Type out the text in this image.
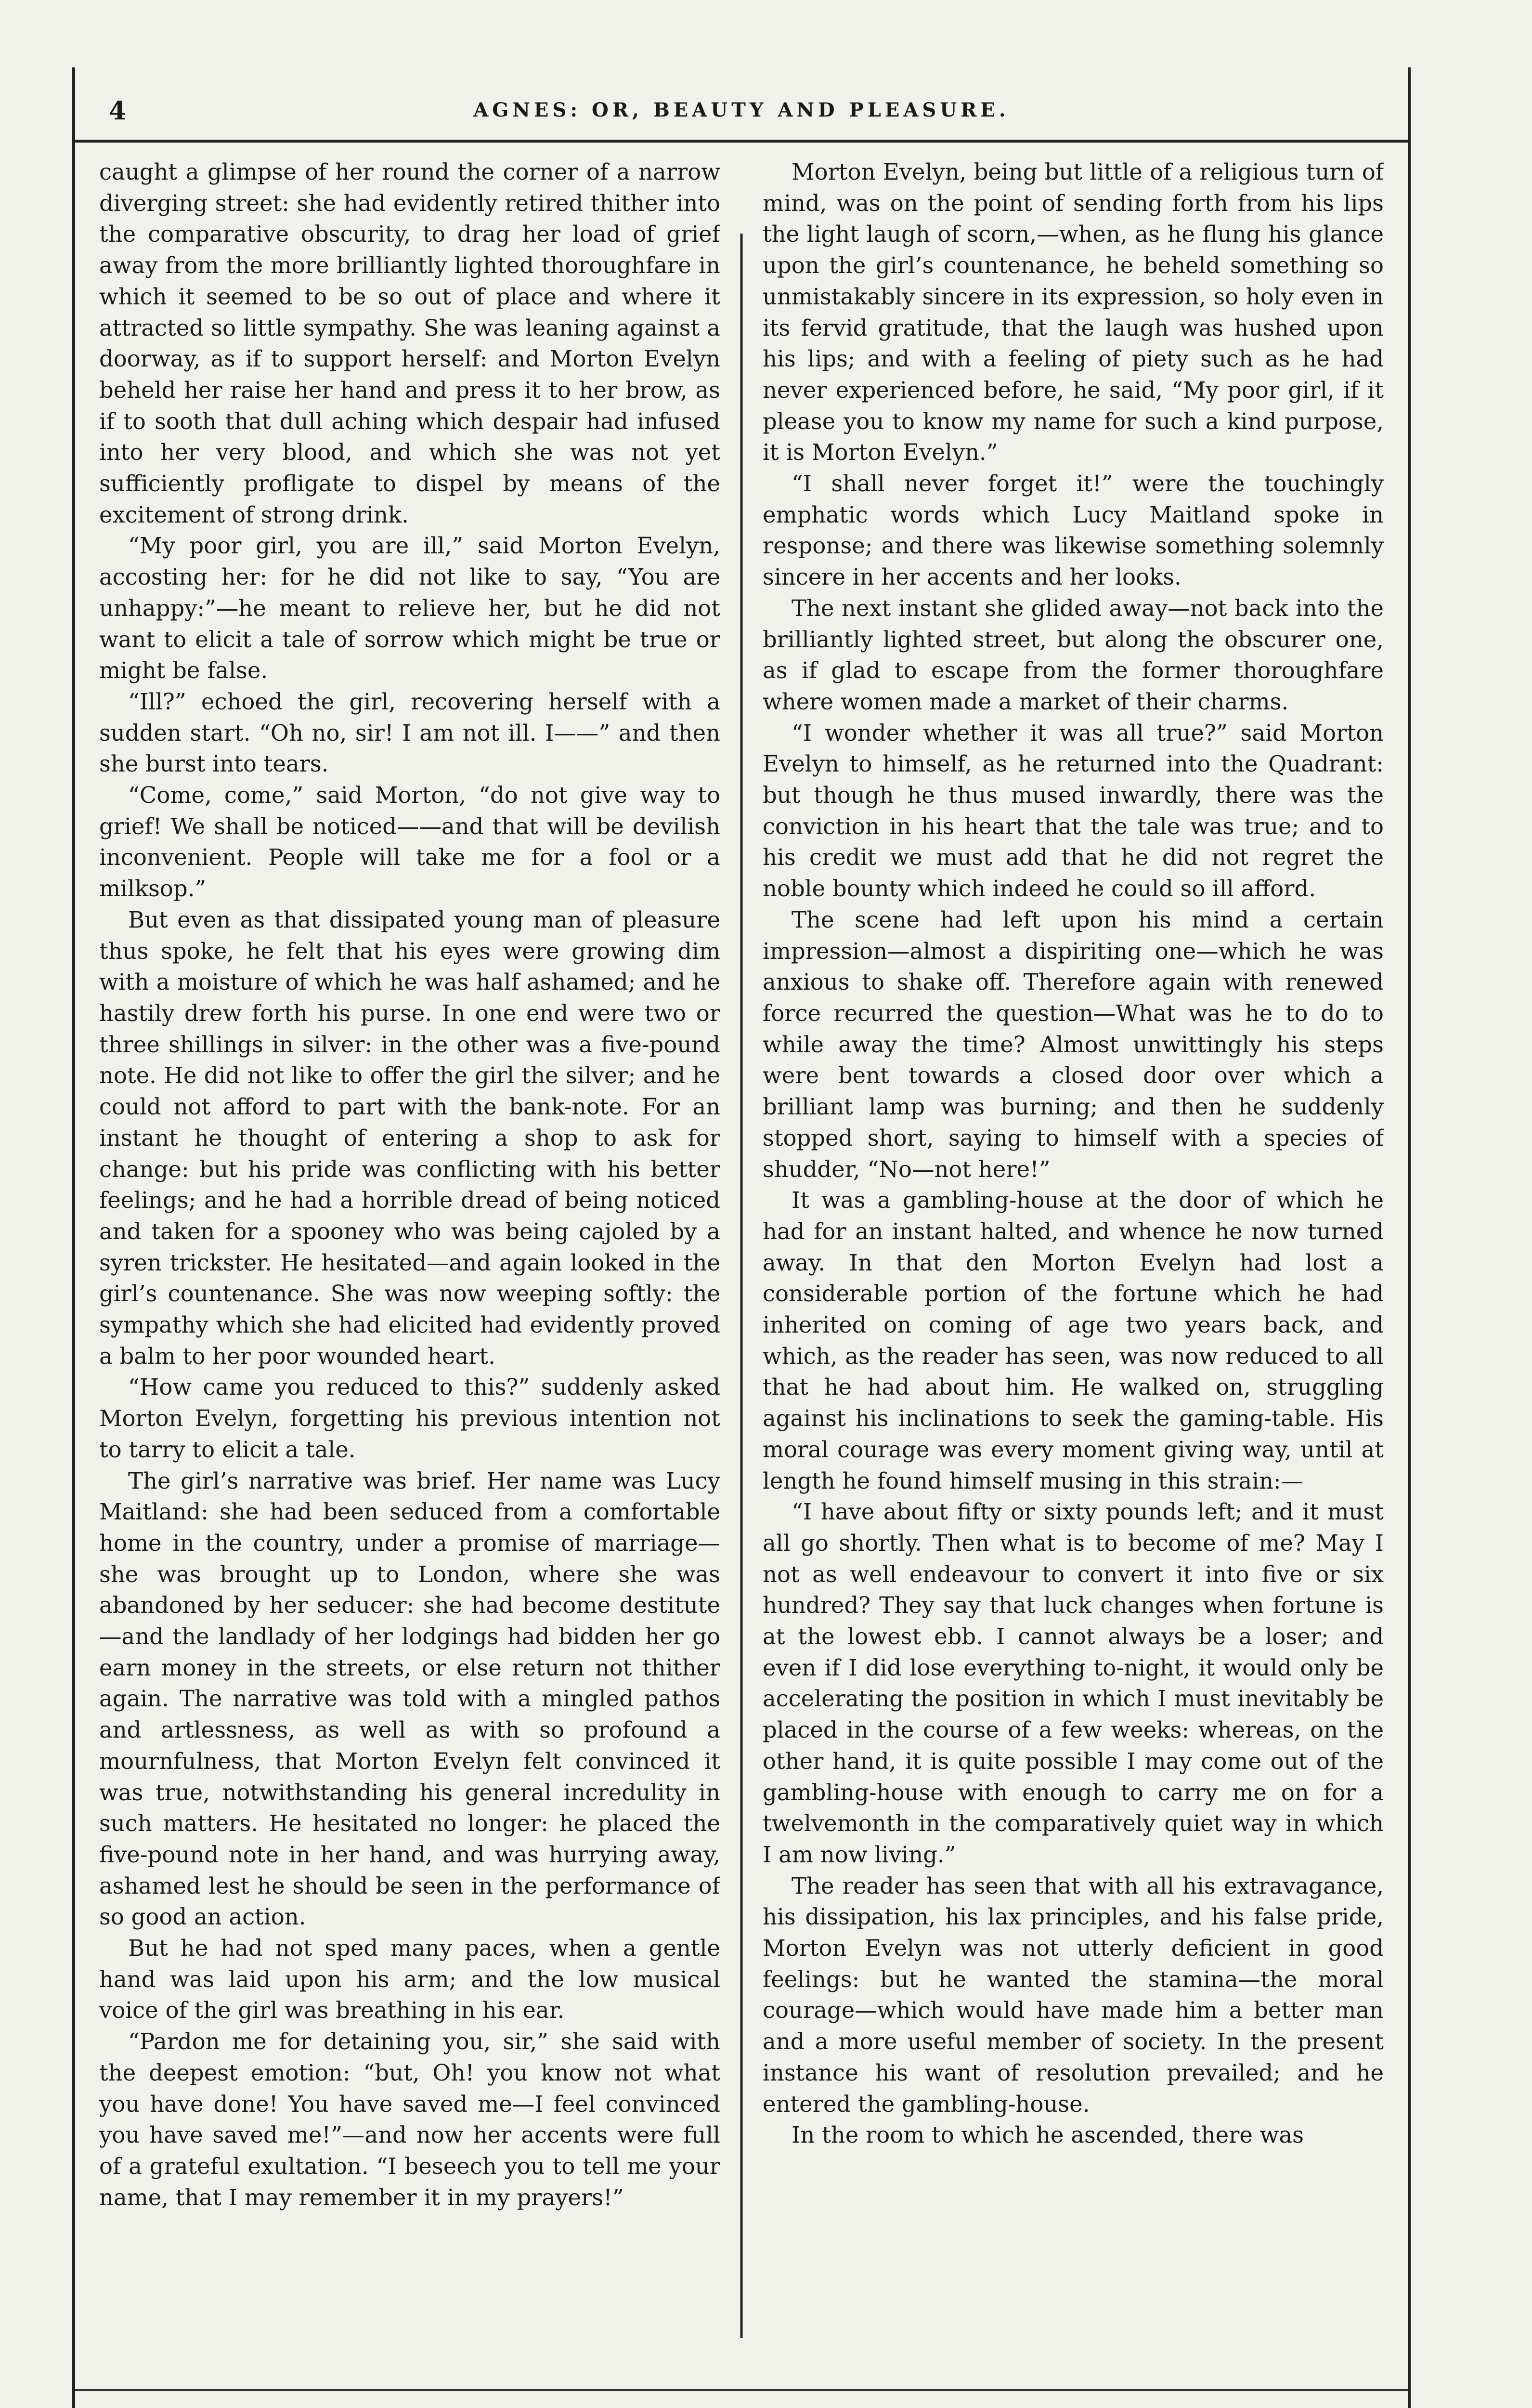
4	AGNES: OR, BEAUTY AND PLEASURE.

caught a glimpse of her round the corner of a narrow diverging street: she had evidently retired thither into the comparative obscurity, to drag her load of grief away from the more brilliantly lighted thoroughfare in which it seemed to be so out of place and where it attracted so little sympathy. She was leaning against a doorway, as if to support herself: and Morton Evelyn beheld her raise her hand and press it to her brow, as if to sooth that dull aching which despair had infused into her very blood, and which she was not yet sufficiently profligate to dispel by means of the excitement of strong drink.

“My poor girl, you are ill,” said Morton Evelyn, accosting her: for he did not like to say, “You are unhappy:”—he meant to relieve her, but he did not want to elicit a tale of sorrow which might be true or might be false.

“Ill?” echoed the girl, recovering herself with a sudden start. “Oh no, sir! I am not ill. I——” and then she burst into tears.

“Come, come,” said Morton, “do not give way to grief! We shall be noticed——and that will be devilish inconvenient. People will take me for a fool or a milksop.”

But even as that dissipated young man of pleasure thus spoke, he felt that his eyes were growing dim with a moisture of which he was half ashamed; and he hastily drew forth his purse. In one end were two or three shillings in silver: in the other was a five-pound note. He did not like to offer the girl the silver; and he could not afford to part with the bank-note. For an instant he thought of entering a shop to ask for change: but his pride was conflicting with his better feelings; and he had a horrible dread of being noticed and taken for a spooney who was being cajoled by a syren trickster. He hesitated—and again looked in the girl’s countenance. She was now weeping softly: the sympathy which she had elicited had evidently proved a balm to her poor wounded heart.

“How came you reduced to this?” suddenly asked Morton Evelyn, forgetting his previous intention not to tarry to elicit a tale.

The girl’s narrative was brief. Her name was Lucy Maitland: she had been seduced from a comfortable home in the country, under a promise of marriage—she was brought up to London, where she was abandoned by her seducer: she had become destitute—and the landlady of her lodgings had bidden her go earn money in the streets, or else return not thither again. The narrative was told with a mingled pathos and artlessness, as well as with so profound a mournfulness, that Morton Evelyn felt convinced it was true, notwithstanding his general incredulity in such matters. He hesitated no longer: he placed the five-pound note in her hand, and was hurrying away, ashamed lest he should be seen in the performance of so good an action.

But he had not sped many paces, when a gentle hand was laid upon his arm; and the low musical voice of the girl was breathing in his ear.

“Pardon me for detaining you, sir,” she said with the deepest emotion: “but, Oh! you know not what you have done! You have saved me—I feel convinced you have saved me!”—and now her accents were full of a grateful exultation. “I beseech you to tell me your name, that I may remember it in my prayers!”

Morton Evelyn, being but little of a religious turn of mind, was on the point of sending forth from his lips the light laugh of scorn,—when, as he flung his glance upon the girl’s countenance, he beheld something so unmistakably sincere in its expression, so holy even in its fervid gratitude, that the laugh was hushed upon his lips; and with a feeling of piety such as he had never experienced before, he said, “My poor girl, if it please you to know my name for such a kind purpose, it is Morton Evelyn.”

“I shall never forget it!” were the touchingly emphatic words which Lucy Maitland spoke in response; and there was likewise something solemnly sincere in her accents and her looks.

The next instant she glided away—not back into the brilliantly lighted street, but along the obscurer one, as if glad to escape from the former thoroughfare where women made a market of their charms.

“I wonder whether it was all true?” said Morton Evelyn to himself, as he returned into the Quadrant: but though he thus mused inwardly, there was the conviction in his heart that the tale was true; and to his credit we must add that he did not regret the noble bounty which indeed he could so ill afford.

The scene had left upon his mind a certain impression—almost a dispiriting one—which he was anxious to shake off. Therefore again with renewed force recurred the question—What was he to do to while away the time? Almost unwittingly his steps were bent towards a closed door over which a brilliant lamp was burning; and then he suddenly stopped short, saying to himself with a species of shudder, “No—not here!”

It was a gambling-house at the door of which he had for an instant halted, and whence he now turned away. In that den Morton Evelyn had lost a considerable portion of the fortune which he had inherited on coming of age two years back, and which, as the reader has seen, was now reduced to all that he had about him. He walked on, struggling against his inclinations to seek the gaming-table. His moral courage was every moment giving way, until at length he found himself musing in this strain:—

“I have about fifty or sixty pounds left; and it must all go shortly. Then what is to become of me? May I not as well endeavour to convert it into five or six hundred? They say that luck changes when fortune is at the lowest ebb. I cannot always be a loser; and even if I did lose everything to-night, it would only be accelerating the position in which I must inevitably be placed in the course of a few weeks: whereas, on the other hand, it is quite possible I may come out of the gambling-house with enough to carry me on for a twelvemonth in the comparatively quiet way in which I am now living.”

The reader has seen that with all his extravagance, his dissipation, his lax principles, and his false pride, Morton Evelyn was not utterly deficient in good feelings: but he wanted the stamina—the moral courage—which would have made him a better man and a more useful member of society. In the present instance his want of resolution prevailed; and he entered the gambling-house.

In the room to which he ascended, there was
